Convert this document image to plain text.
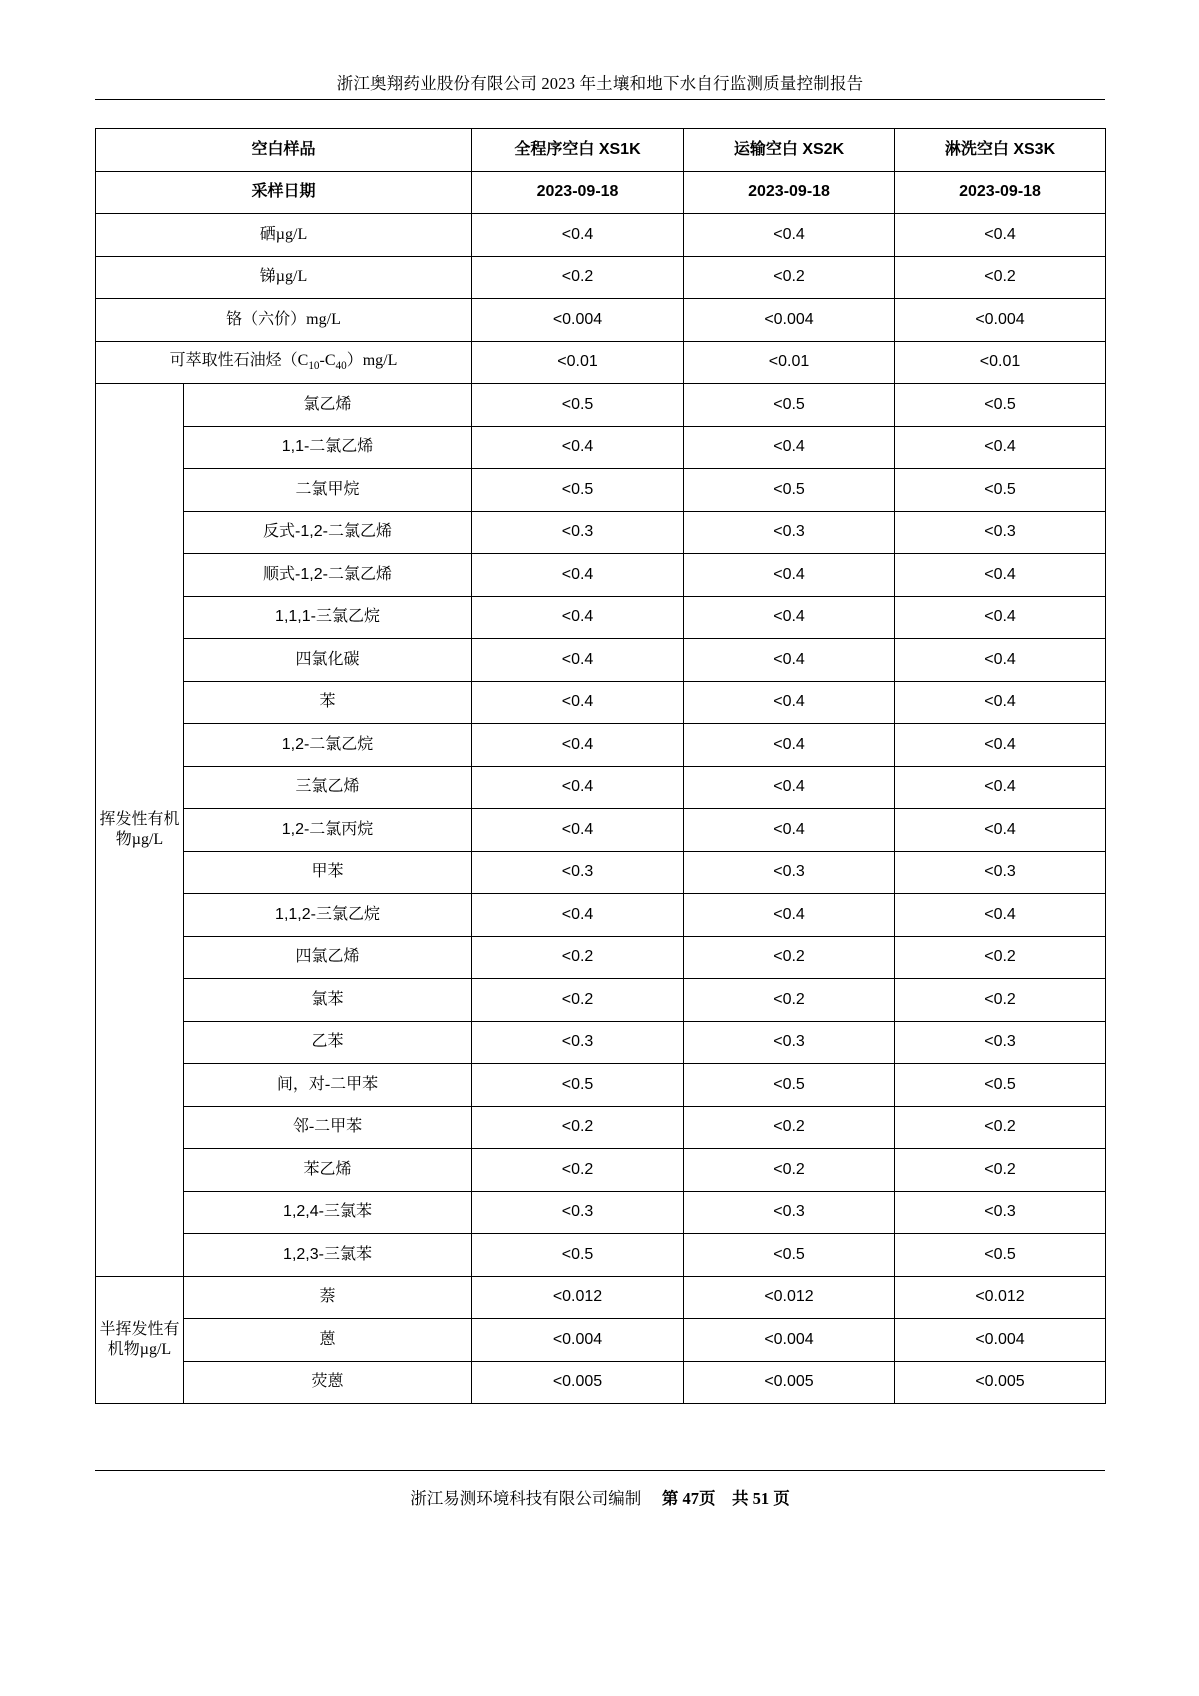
浙江奥翔药业股份有限公司 2023 年土壤和地下水自行监测质量控制报告
空白样品		全程序空白 XS1K	运输空白 XS2K	淋洗空白 XS3K
采样日期		2023-09-18	2023-09-18	2023-09-18
硒µg/L		<0.4	<0.4	<0.4
锑µg/L		<0.2	<0.2	<0.2
铬（六价）mg/L		<0.004	<0.004	<0.004
可萃取性石油烃$(C_{10}-C_{40})mg/L$		<0.01	<0.01	<0.01
挥发性有机物µg/L	氯乙烯	<0.5	<0.5	<0.5
	1,1-二氯乙烯	<0.4	<0.4	<0.4
	二氯甲烷	<0.5	<0.5	<0.5
	反式-1,2-二氯乙烯	<0.3	<0.3	<0.3
	顺式-1,2-二氯乙烯	<0.4	<0.4	<0.4
	1,1,1-三氯乙烷	<0.4	<0.4	<0.4
	四氯化碳	<0.4	<0.4	<0.4
	苯	<0.4	<0.4	<0.4
	1,2-二氯乙烷	<0.4	<0.4	<0.4
	三氯乙烯	<0.4	<0.4	<0.4
	1,2-二氯丙烷	<0.4	<0.4	<0.4
	甲苯	<0.3	<0.3	<0.3
	1,1,2-三氯乙烷	<0.4	<0.4	<0.4
	四氯乙烯	<0.2	<0.2	<0.2
	氯苯	<0.2	<0.2	<0.2
	乙苯	<0.3	<0.3	<0.3
	间，对-二甲苯	<0.5	<0.5	<0.5
	邻-二甲苯	<0.2	<0.2	<0.2
	苯乙烯	<0.2	<0.2	<0.2
	1,2,4-三氯苯	<0.3	<0.3	<0.3
	1,2,3-三氯苯	<0.5	<0.5	<0.5
半挥发性有机物µg/L	萘	<0.012	<0.012	<0.012
	蒽	<0.004	<0.004	<0.004
	荧蒽	<0.005	<0.005	<0.005
浙江易测环境科技有限公司编制 第 47页 共 51 页
